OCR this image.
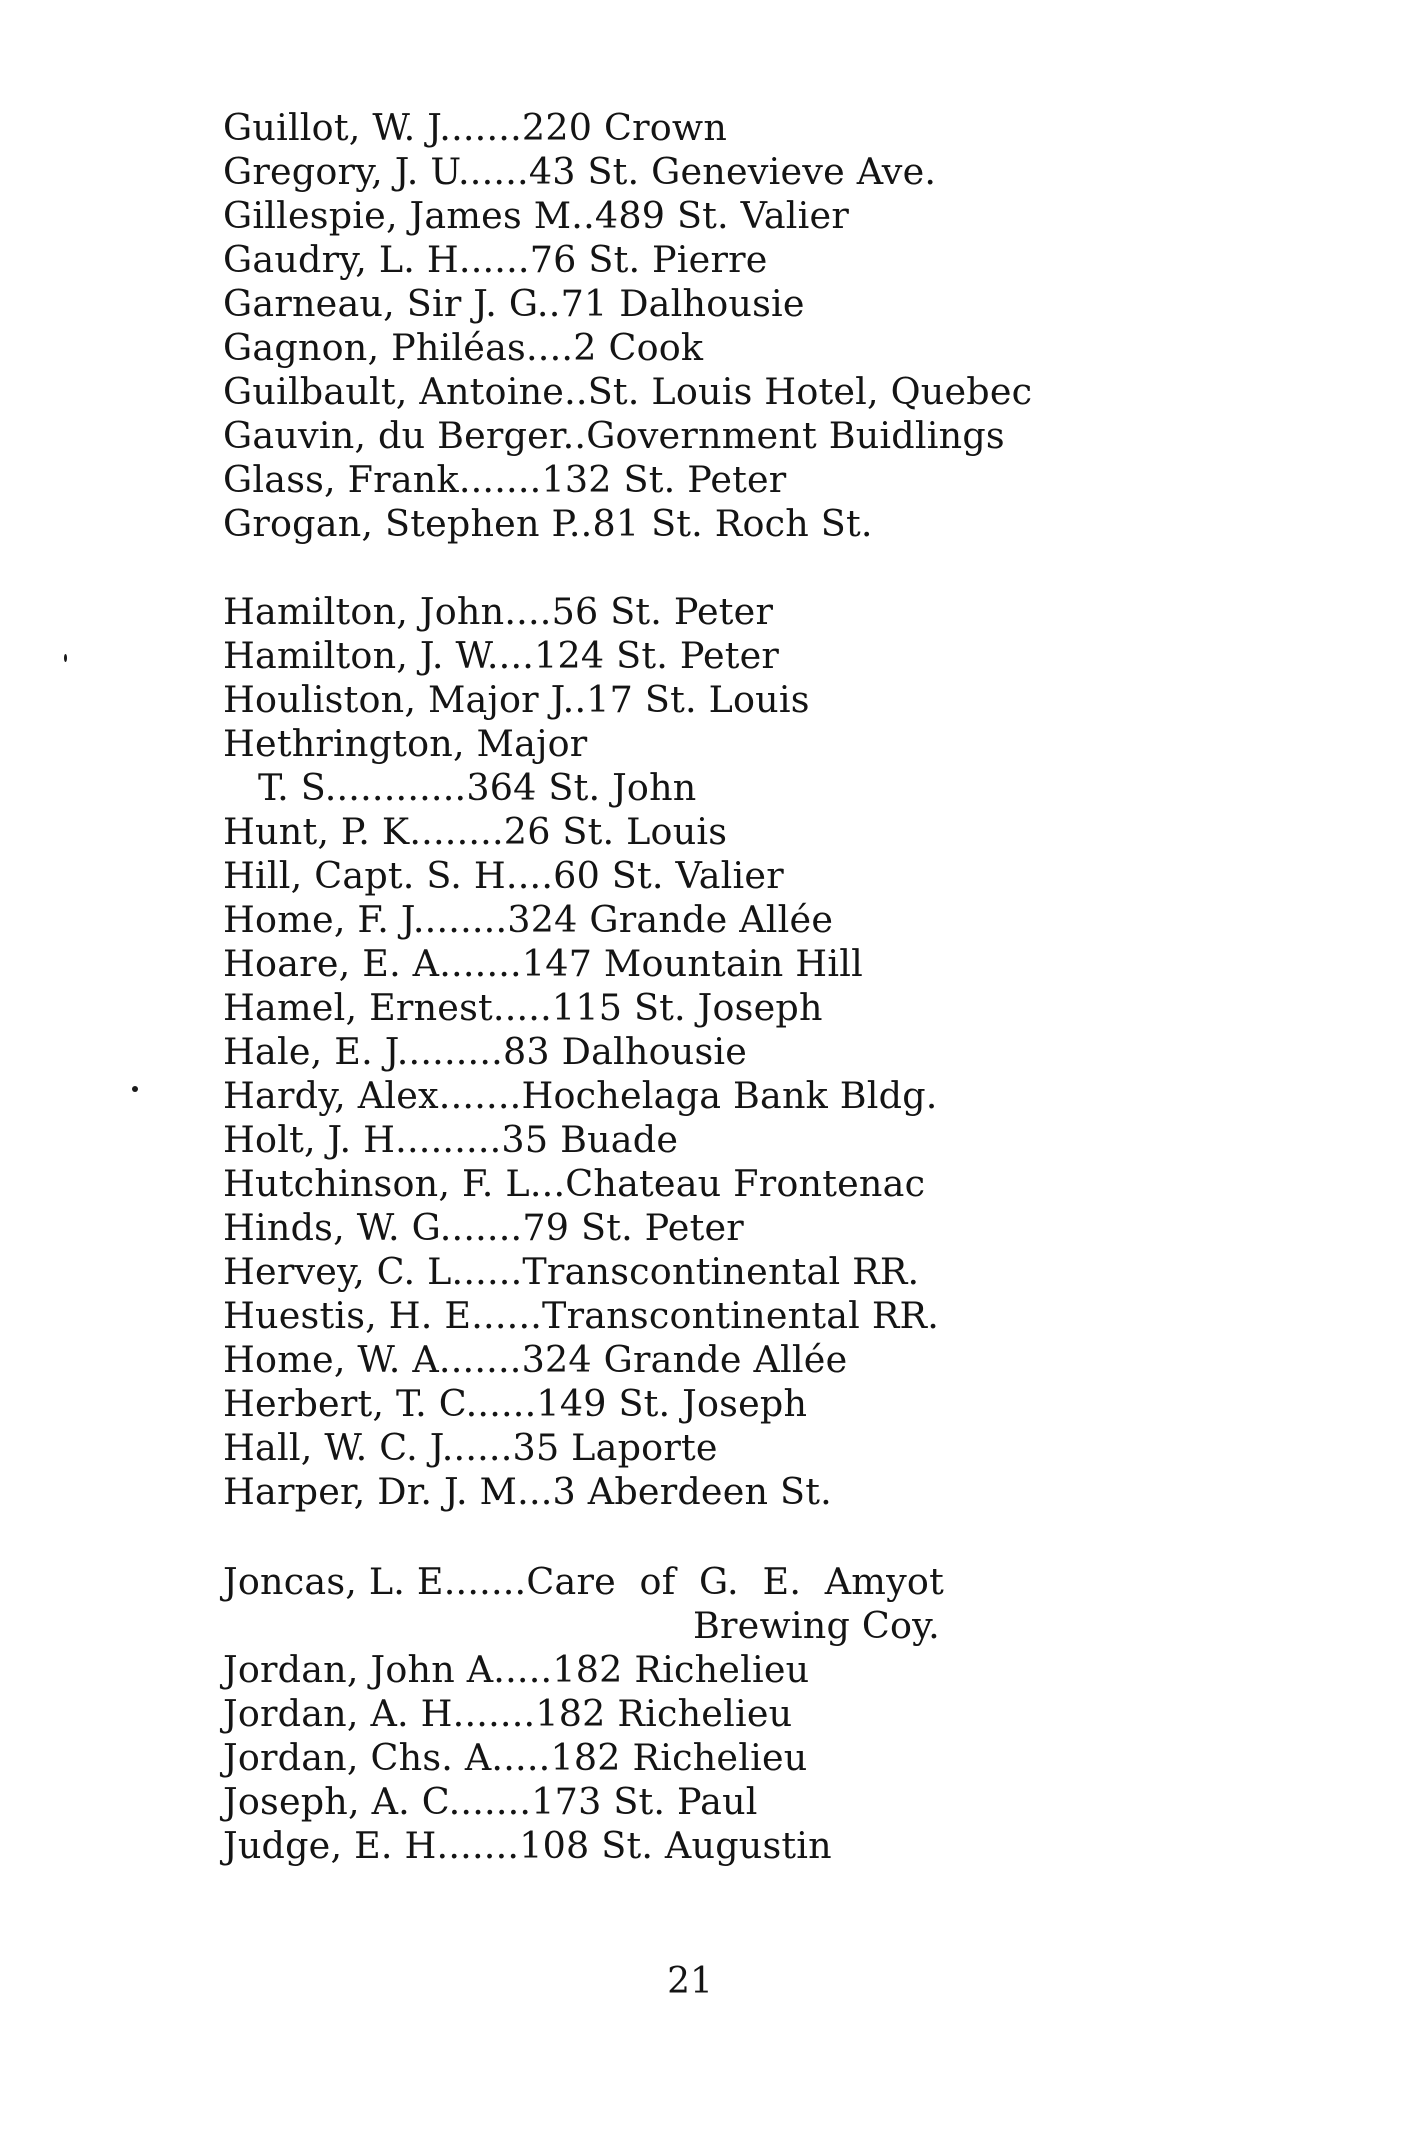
Guillot, W. J.......220 Crown
Gregory, J. U......43 St. Genevieve Ave.
Gillespie, James M..489 St. Valier
Gaudry, L. H......76 St. Pierre
Garneau, Sir J. G..71 Dalhousie
Gagnon, Philéas....2 Cook
Guilbault, Antoine..St. Louis Hotel, Quebec
Gauvin, du Berger..Government Buidlings
Glass, Frank.......132 St. Peter
Grogan, Stephen P..81 St. Roch St.
Hamilton, John....56 St. Peter
Hamilton, J. W....124 St. Peter
Houliston, Major J..17 St. Louis
Hethrington, Major
T. S............364 St. John
Hunt, P. K........26 St. Louis
Hill, Capt. S. H....60 St. Valier
Home, F. J........324 Grande Allée
Hoare, E. A.......147 Mountain Hill
Hamel, Ernest.....115 St. Joseph
Hale, E. J.........83 Dalhousie
Hardy, Alex.......Hochelaga Bank Bldg.
Holt, J. H.........35 Buade
Hutchinson, F. L...Chateau Frontenac
Hinds, W. G.......79 St. Peter
Hervey, C. L......Transcontinental RR.
Huestis, H. E......Transcontinental RR.
Home, W. A.......324 Grande Allée
Herbert, T. C......149 St. Joseph
Hall, W. C. J......35 Laporte
Harper, Dr. J. M...3 Aberdeen St.
Joncas, L. E.......Care  of  G.  E.  Amyot
Brewing Coy.
Jordan, John A.....182 Richelieu
Jordan, A. H.......182 Richelieu
Jordan, Chs. A.....182 Richelieu
Joseph, A. C.......173 St. Paul
Judge, E. H.......108 St. Augustin
21
